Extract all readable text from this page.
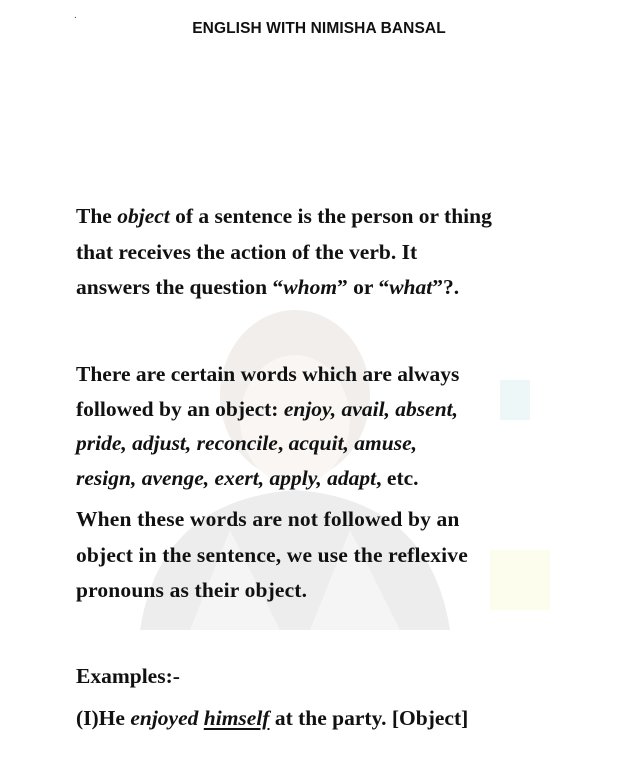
.
ENGLISH WITH NIMISHA BANSAL
The object of a sentence is the person or thing
that receives the action of the verb. It
answers the question “whom” or “what”?.
There are certain words which are always
followed by an object: enjoy, avail, absent,
pride, adjust, reconcile, acquit, amuse,
resign, avenge, exert, apply, adapt, etc.
When these words are not followed by an
object in the sentence, we use the reflexive
pronouns as their object.
Examples:-
(I)He enjoyed himself at the party. [Object]
